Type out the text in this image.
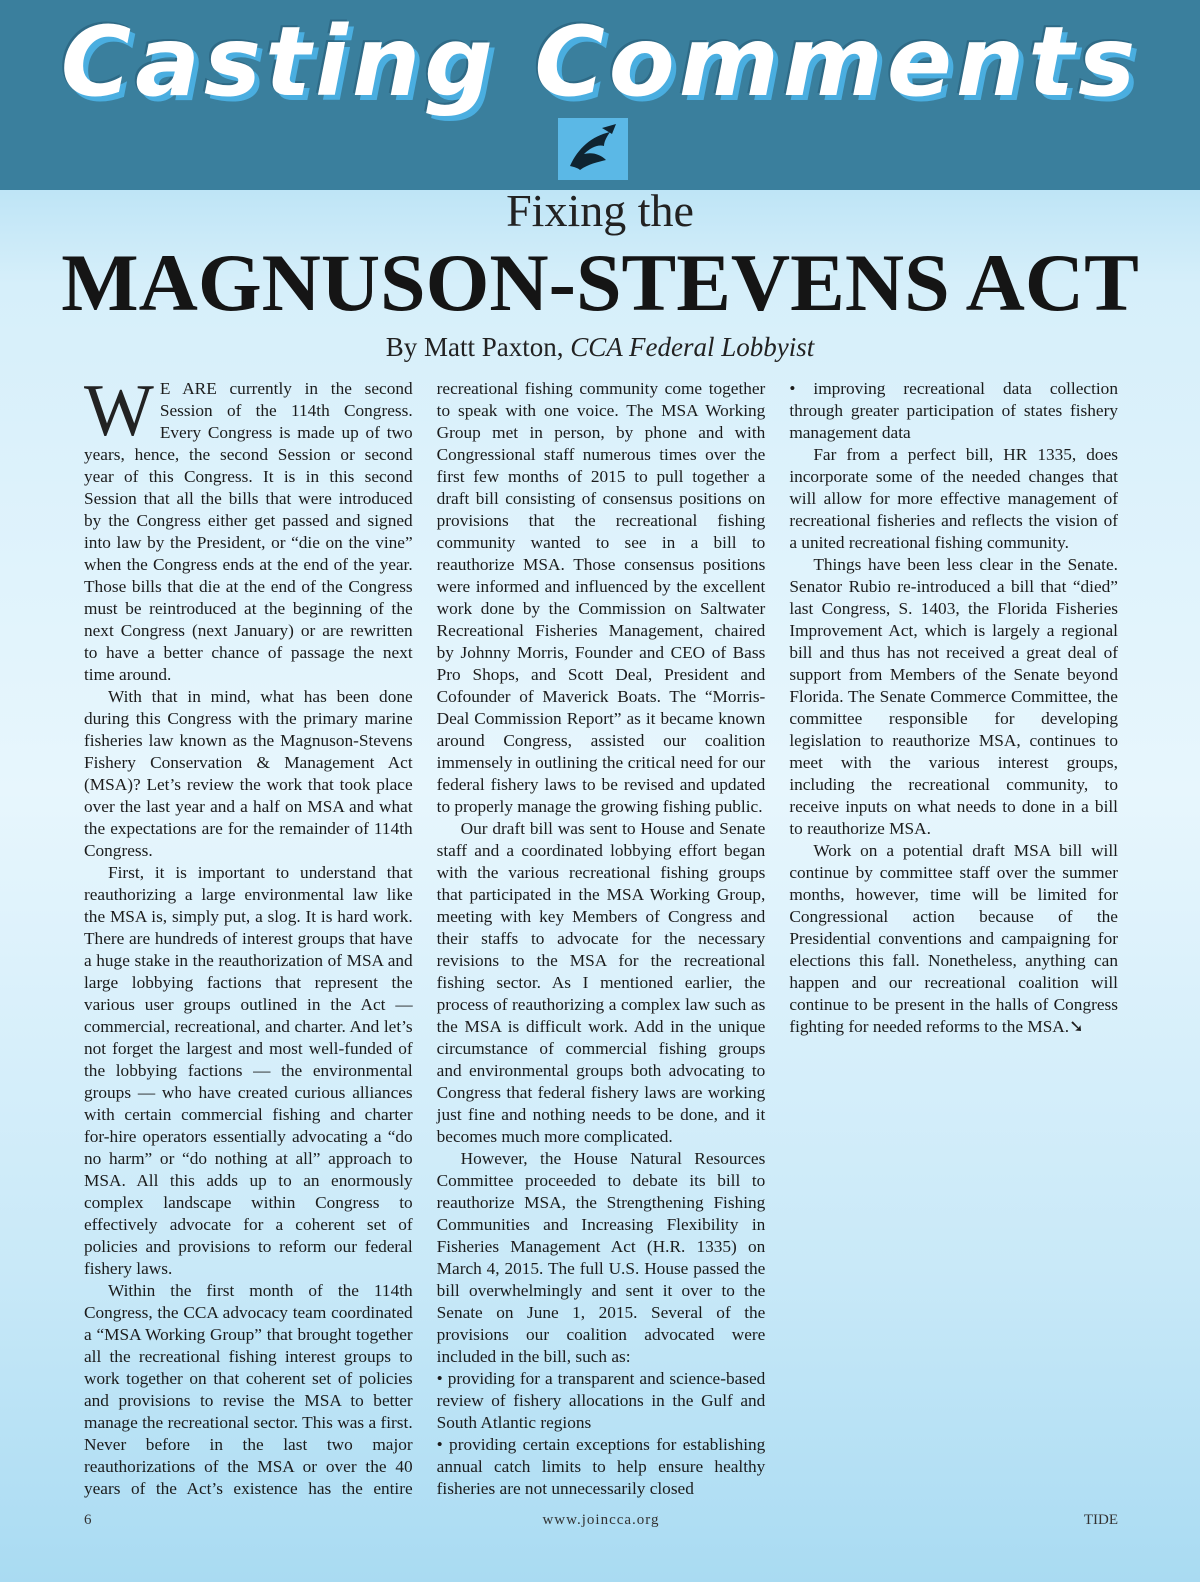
Casting Comments
Fixing the
MAGNUSON-STEVENS ACT
By Matt Paxton, CCA Federal Lobbyist

W E ARE currently in the second Session of the 114th Congress. Every Congress is made up of two years, hence, the second Session or second year of this Congress. It is in this second Session that all the bills that were introduced by the Congress either get passed and signed into law by the President, or “die on the vine” when the Congress ends at the end of the year. Those bills that die at the end of the Congress must be reintroduced at the beginning of the next Congress (next January) or are rewritten to have a better chance of passage the next time around.

With that in mind, what has been done during this Congress with the primary marine fisheries law known as the Magnuson-Stevens Fishery Conservation & Management Act (MSA)? Let’s review the work that took place over the last year and a half on MSA and what the expectations are for the remainder of 114th Congress.

First, it is important to understand that reauthorizing a large environmental law like the MSA is, simply put, a slog. It is hard work. There are hundreds of interest groups that have a huge stake in the reauthorization of MSA and large lobbying factions that represent the various user groups outlined in the Act — commercial, recreational, and charter. And let’s not forget the largest and most well-funded of the lobbying factions — the environmental groups — who have created curious alliances with certain commercial fishing and charter for-hire operators essentially advocating a “do no harm” or “do nothing at all” approach to MSA. All this adds up to an enormously complex landscape within Congress to effectively advocate for a coherent set of policies and provisions to reform our federal fishery laws.

Within the first month of the 114th Congress, the CCA advocacy team coordinated a “MSA Working Group” that brought together all the recreational fishing interest groups to work together on that coherent set of policies and provisions to revise the MSA to better manage the recreational sector. This was a first. Never before in the last two major reauthorizations of the MSA or over the 40 years of the Act’s existence has the entire recreational fishing community come together to speak with one voice. The MSA Working Group met in person, by phone and with Congressional staff numerous times over the first few months of 2015 to pull together a draft bill consisting of consensus positions on provisions that the recreational fishing community wanted to see in a bill to reauthorize MSA. Those consensus positions were informed and influenced by the excellent work done by the Commission on Saltwater Recreational Fisheries Management, chaired by Johnny Morris, Founder and CEO of Bass Pro Shops, and Scott Deal, President and Cofounder of Maverick Boats. The “Morris-Deal Commission Report” as it became known around Congress, assisted our coalition immensely in outlining the critical need for our federal fishery laws to be revised and updated to properly manage the growing fishing public.

Our draft bill was sent to House and Senate staff and a coordinated lobbying effort began with the various recreational fishing groups that participated in the MSA Working Group, meeting with key Members of Congress and their staffs to advocate for the necessary revisions to the MSA for the recreational fishing sector. As I mentioned earlier, the process of reauthorizing a complex law such as the MSA is difficult work. Add in the unique circumstance of commercial fishing groups and environmental groups both advocating to Congress that federal fishery laws are working just fine and nothing needs to be done, and it becomes much more complicated.

However, the House Natural Resources Committee proceeded to debate its bill to reauthorize MSA, the Strengthening Fishing Communities and Increasing Flexibility in Fisheries Management Act (H.R. 1335) on March 4, 2015. The full U.S. House passed the bill overwhelmingly and sent it over to the Senate on June 1, 2015. Several of the provisions our coalition advocated were included in the bill, such as:

• providing for a transparent and science-based review of fishery allocations in the Gulf and South Atlantic regions

• providing certain exceptions for establishing annual catch limits to help ensure healthy fisheries are not unnecessarily closed

• improving recreational data collection through greater participation of states fishery management data

Far from a perfect bill, HR 1335, does incorporate some of the needed changes that will allow for more effective management of recreational fisheries and reflects the vision of a united recreational fishing community.

Things have been less clear in the Senate. Senator Rubio re-introduced a bill that “died” last Congress, S. 1403, the Florida Fisheries Improvement Act, which is largely a regional bill and thus has not received a great deal of support from Members of the Senate beyond Florida. The Senate Commerce Committee, the committee responsible for developing legislation to reauthorize MSA, continues to meet with the various interest groups, including the recreational community, to receive inputs on what needs to done in a bill to reauthorize MSA.

Work on a potential draft MSA bill will continue by committee staff over the summer months, however, time will be limited for Congressional action because of the Presidential conventions and campaigning for elections this fall. Nonetheless, anything can happen and our recreational coalition will continue to be present in the halls of Congress fighting for needed reforms to the MSA.➘

6	www.joincca.org	TIDE
